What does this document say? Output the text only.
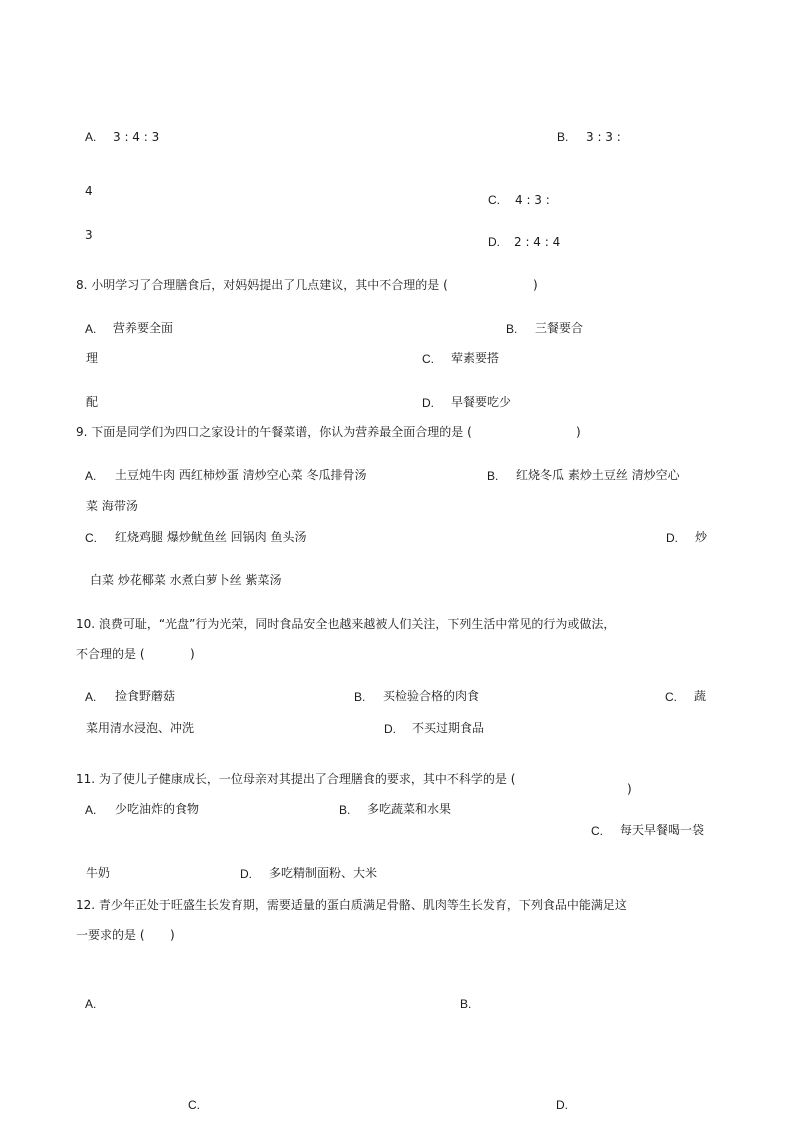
A. 3 : 4 : 3	B. 3 : 3 :
4
C. 4 : 3 :
3	D. 2 : 4 : 4
8. 小明学习了合理膳食后，对妈妈提出了几点建议，其中不合理的是 (	)
A. 营养要全面	B. 三餐要合
理	C. 荤素要搭
配	D. 早餐要吃少
9. 下面是同学们为四口之家设计的午餐菜谱，你认为营养最全面合理的是 (	)
A. 土豆炖牛肉 西红柿炒蛋 清炒空心菜 冬瓜排骨汤	B. 红烧冬瓜 素炒土豆丝 清炒空心
菜 海带汤
C. 红烧鸡腿 爆炒鱿鱼丝 回锅肉 鱼头汤	D. 炒
白菜 炒花椰菜 水煮白萝卜丝 紫菜汤
10. 浪费可耻，“光盘”行为光荣，同时食品安全也越来越被人们关注，下列生活中常见的行为或做法，
不合理的是 (	)
A. 捡食野蘑菇	B. 买检验合格的肉食	C. 蔬
菜用清水浸泡、冲洗	D. 不买过期食品
11. 为了使儿子健康成长，一位母亲对其提出了合理膳食的要求，其中不科学的是 (
)
A. 少吃油炸的食物	B. 多吃蔬菜和水果
C. 每天早餐喝一袋
牛奶	D. 多吃精制面粉、大米
12. 青少年正处于旺盛生长发育期，需要适量的蛋白质满足骨骼、肌肉等生长发育，下列食品中能满足这
一要求的是 ( )
A.	B.
C.	D.
